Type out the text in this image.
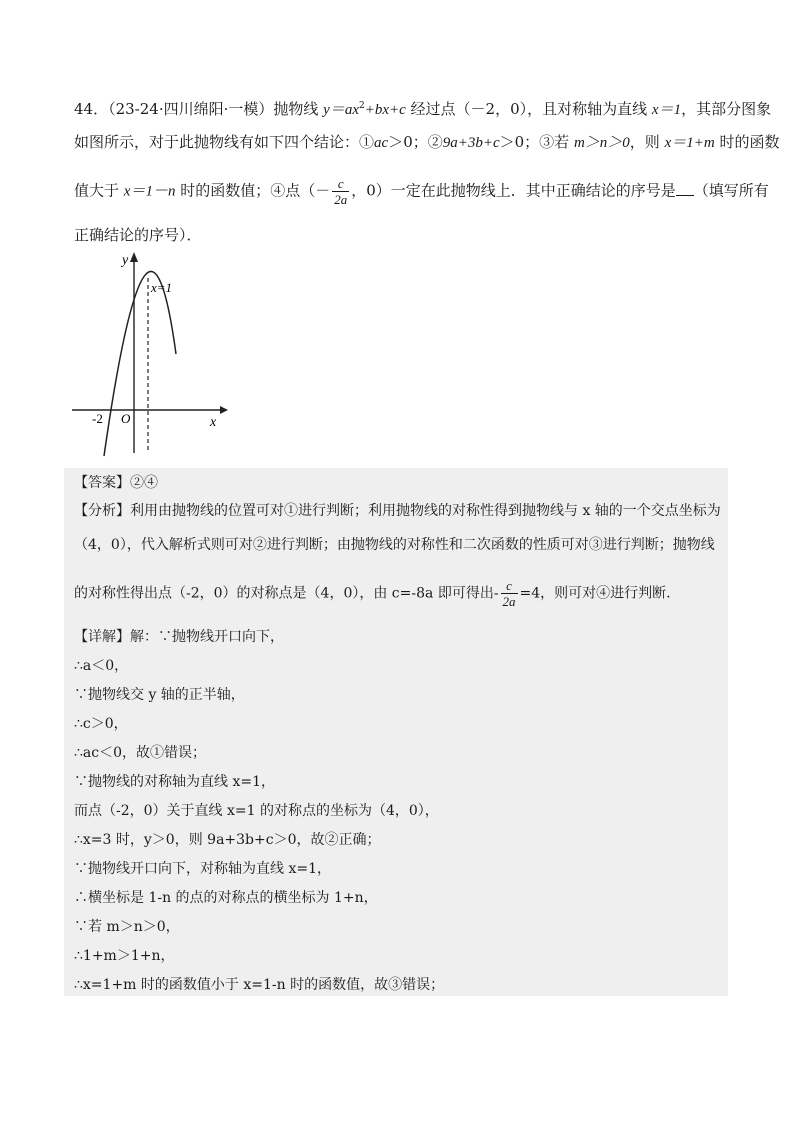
44．（23-24·四川绵阳·一模）抛物线 $y=ax^2+bx+c$ 经过点（－2，0），且对称轴为直线 x＝1，其部分图象
如图所示，对于此抛物线有如下四个结论：①ac＞0；②9a+3b+c＞0；③若 m＞n＞0，则 x＝1+m 时的函数
值大于 x＝1－n 时的函数值；④点（－ $\frac{c}{2a}$ ，0）一定在此抛物线上．其中正确结论的序号是 （填写所有
正确结论的序号）．
y
x
O
-2
x=1
【答案】②④
【分析】利用由抛物线的位置可对①进行判断；利用抛物线的对称性得到抛物线与 x 轴的一个交点坐标为
（4，0），代入解析式则可对②进行判断；由抛物线的对称性和二次函数的性质可对③进行判断；抛物线
的对称性得出点（-2，0）的对称点是（4，0），由 c=-8a 即可得出- $\frac{c}{2a} =4$，则可对④进行判断.
【详解】解：∵抛物线开口向下，
∴a＜0，
∵抛物线交 y 轴的正半轴，
∴c＞0，
∴ac＜0，故①错误；
∵抛物线的对称轴为直线 x=1，
而点（-2，0）关于直线 x=1 的对称点的坐标为（4，0），
∴x=3 时，y＞0，则 9a+3b+c＞0，故②正确；
∵抛物线开口向下，对称轴为直线 x=1，
∴横坐标是 1-n 的点的对称点的横坐标为 1+n，
∵若 m＞n＞0，
∴1+m＞1+n，
∴x=1+m 时的函数值小于 x=1-n 时的函数值，故③错误；
